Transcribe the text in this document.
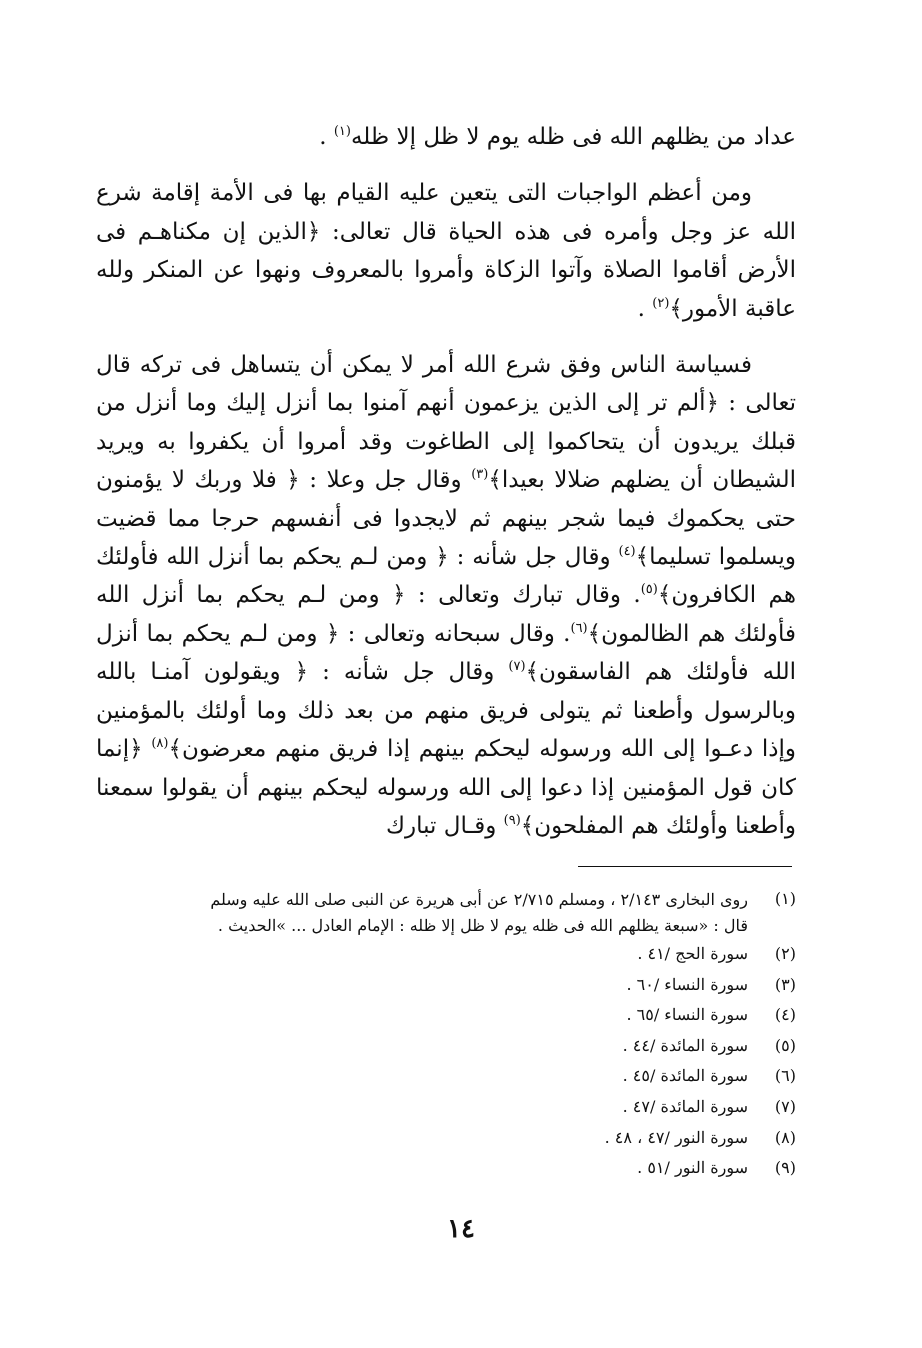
عداد من يظلهم الله فى ظله يوم لا ظل إلا ظله$^{(١)}$ .

ومن أعظم الواجبات التى يتعين عليه القيام بها فى الأمة إقامة شرع الله عز وجل وأمره فى هذه الحياة قال تعالى: ﴿الذين إن مكناهـم فى الأرض أقاموا الصلاة وآتوا الزكاة وأمروا بالمعروف ونهوا عن المنكر ولله عاقبة الأمور﴾$^{(٢)}$ .

فسياسة الناس وفق شرع الله أمر لا يمكن أن يتساهل فى تركه قال تعالى : ﴿ألم تر إلى الذين يزعمون أنهم آمنوا بما أنزل إليك وما أنزل من قبلك يريدون أن يتحاكموا إلى الطاغوت وقد أمروا أن يكفروا به ويريد الشيطان أن يضلهم ضلالا بعيدا﴾$^{(٣)}$ وقال جل وعلا : ﴿ فلا وربك لا يؤمنون حتى يحكموك فيما شجر بينهم ثم لايجدوا فى أنفسهم حرجا مما قضيت ويسلموا تسليما﴾$^{(٤)}$ وقال جل شأنه : ﴿ ومن لـم يحكم بما أنزل الله فأولئك هم الكافرون﴾$^{(٥)}$. وقال تبارك وتعالى : ﴿ ومن لـم يحكم بما أنزل الله فأولئك هم الظالمون﴾$^{(٦)}$. وقال سبحانه وتعالى : ﴿ ومن لـم يحكم بما أنزل الله فأولئك هم الفاسقون﴾$^{(٧)}$ وقال جل شأنه : ﴿ ويقولون آمنـا بالله وبالرسول وأطعنا ثم يتولى فريق منهم من بعد ذلك وما أولئك بالمؤمنين وإذا دعـوا إلى الله ورسوله ليحكم بينهم إذا فريق منهم معرضون﴾$^{(٨)}$ ﴿إنما كان قول المؤمنين إذا دعوا إلى الله ورسوله ليحكم بينهم أن يقولوا سمعنا وأطعنا وأولئك هم المفلحون﴾$^{(٩)}$ وقـال تبارك

(١)
روى البخارى ٢/١٤٣ ، ومسلم ٢/٧١٥ عن أبى هريرة عن النبى صلى الله عليه وسلم قال : «سبعة يظلهم الله فى ظله يوم لا ظل إلا ظله : الإمام العادل ... »الحديث .
(٢)
سورة الحج /٤١ .
(٣)
سورة النساء /٦٠ .
(٤)
سورة النساء /٦٥ .
(٥)
سورة المائدة /٤٤ .
(٦)
سورة المائدة /٤٥ .
(٧)
سورة المائدة /٤٧ .
(٨)
سورة النور /٤٧ ، ٤٨ .
(٩)
سورة النور /٥١ .
١٤
